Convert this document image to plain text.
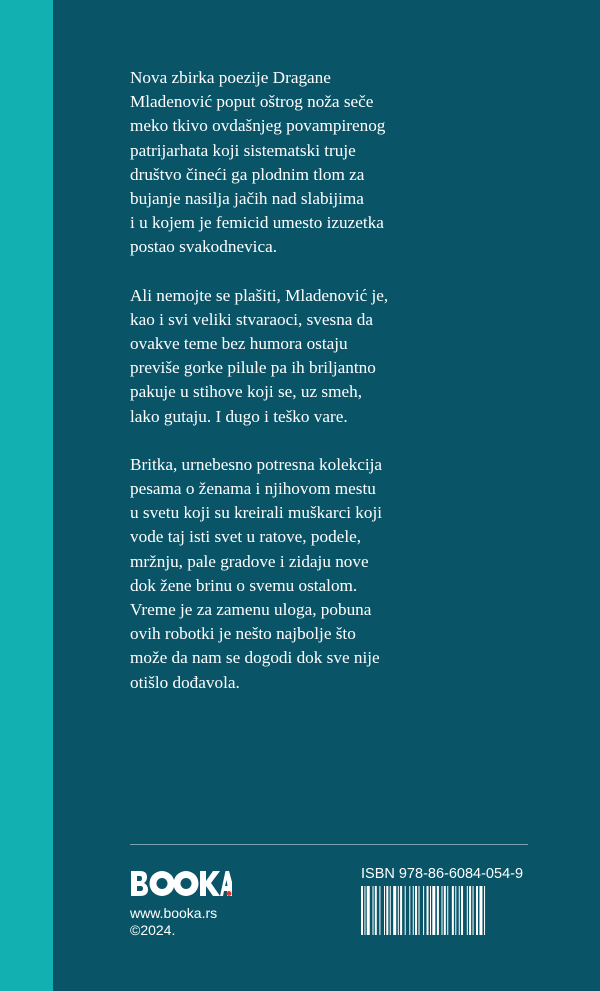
Nova zbirka poezije Dragane
Mladenović poput oštrog noža seče
meko tkivo ovdašnjeg povampirenog
patrijarhata koji sistematski truje
društvo čineći ga plodnim tlom za
bujanje nasilja jačih nad slabijima
i u kojem je femicid umesto izuzetka
postao svakodnevica.

Ali nemojte se plašiti, Mladenović je,
kao i svi veliki stvaraoci, svesna da
ovakve teme bez humora ostaju
previše gorke pilule pa ih briljantno
pakuje u stihove koji se, uz smeh,
lako gutaju. I dugo i teško vare.

Britka, urnebesno potresna kolekcija
pesama o ženama i njihovom mestu
u svetu koji su kreirali muškarci koji
vode taj isti svet u ratove, podele,
mržnju, pale gradove i zidaju nove
dok žene brinu o svemu ostalom.
Vreme je za zamenu uloga, pobuna
ovih robotki je nešto najbolje što
može da nam se dogodi dok sve nije
otišlo dođavola.

www.booka.rs
©2024.
ISBN 978-86-6084-054-9
